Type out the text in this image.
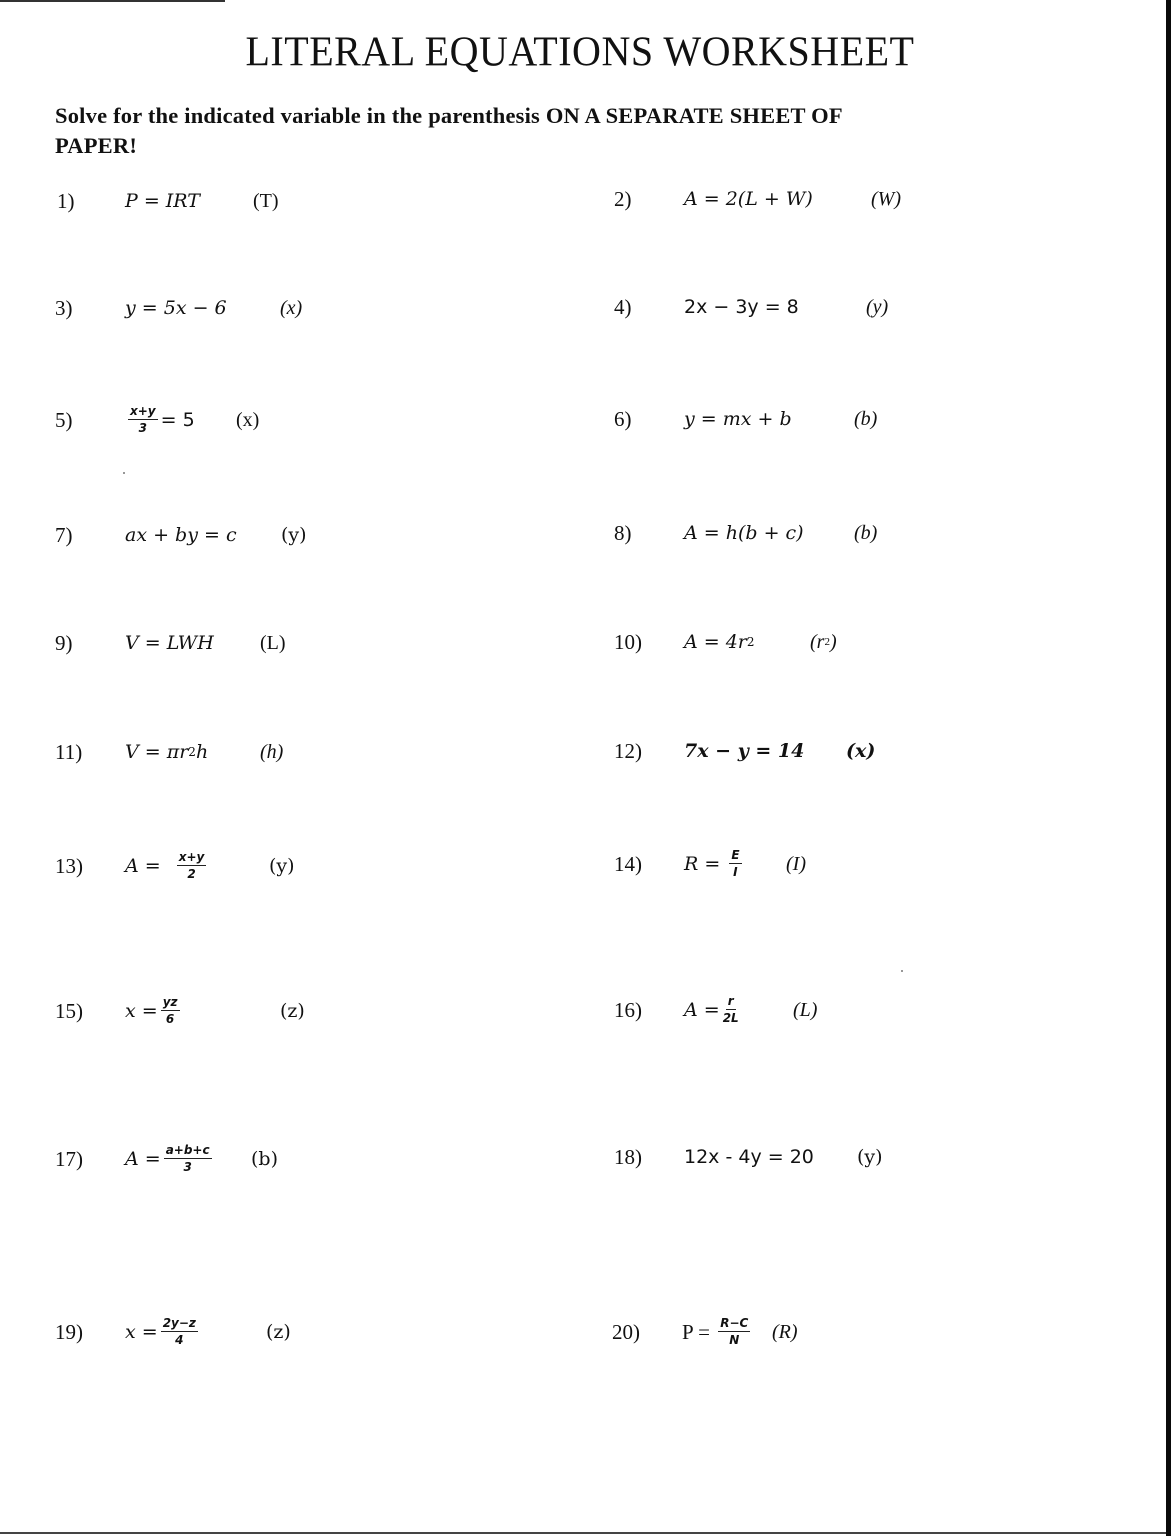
LITERAL EQUATIONS WORKSHEET
Solve for the indicated variable in the parenthesis ON A SEPARATE SHEET OF
PAPER!
1)	P = IRT	(T)
3)	y = 5x − 6	(x)
5)	$\frac{x+y}{3} = 5$ (x)
7)	ax + by = c (y)
9)	V = LWH (L)
11) V = πr 2 h	(h)
13) $A = \frac{x+y}{2}$	(y)
15) $x = \frac{yz}{6}$	(z)
17) $A = \frac{a+b+c}{3} (b)$
19) $x = \frac{2y-z}{4}$	(z)
2)	A = 2(L + W)	(W)
4)	2x − 3y = 8	(y)
6)	y = mx + b	(b)
8)	A = h(b + c)	(b)
10) A = 4r 2	(r 2 )
12) 7x − y = 14 (x)
14) $R = \frac{E}{I} (I)$
16) $A = \frac{r}{2L}$	(L)
18) 12x - 4y = 20 (y)
20) $P = \frac{R-C}{N} (R)$
